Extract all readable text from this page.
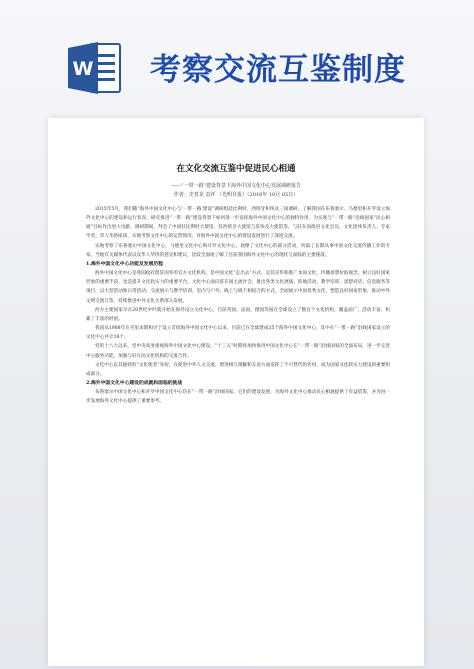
W 考察交流互鉴制度
在文化交流互鉴中促进民心相通
——“一带一路”建设背景下海外中国文化中心发展调研报告
作者：史育龙 袁祥 （光明日报）（2016年 10月 05日）

2015年5月，我们随“海外中国文化中心与‘一带一路’建设”调研组赴比利时、西班牙和埃及三国调研，了解我国在布鲁塞尔、马德里和开罗设立海外文化中心的建设和运行状况，研究推进“一带一路”建设背景下如何进一步发挥海外中国文化中心的独特作用，为实现与“一带一路”沿线国家“民心相通”目标作出更大贡献。调研期间，拜会了中国驻比利时大使馆、驻西班牙大使馆与驻埃及大使馆等，与驻在国政府文化官员、文化团体负责人、专家学者、华人华侨座谈，实地考察文化中心的运营情况，对海外中国文化中心的建设发展进行了深度交流。

实地考察了布鲁塞尔中国文化中心、马德里文化中心和开罗文化中心，观摩了文化中心的部分活动，听取了长期从事中国文化交流传播工作的专家、当地有关媒体代表以及华人华侨的意见和建议，比较全面地了解了目前我国海外文化中心的现状与面临的主要挑战。

1.海外中国文化中心功能及发展历程

海外中国文化中心是我国政府派驻国外的官方文化机构，是中国文化“走出去”方式、是其宣传和推广本国文化、传播思想价值观念、树立良好国家形象的重要手段，也是提升文化软实力的重要平台。文化中心面向驻在国主流社会，推出各类文化展演、阵地活动、教学培训、思想对话、信息服务等项目，以大型活动和日常活动、交流展示与教学培训、室内与户外、线上与线下相结合的方式，全面展示中国优秀文化，塑造良好国家形象，推动中外文明交流互鉴，持续推进中外文化关系深入发展。

西方主要国家早在20世纪中叶就开始在海外设立文化中心，目前英国、法国、德国等国在全球设立了数百个文化机构，覆盖面广、活动丰富，积累了丰富的经验。

我国从1988年在毛里求斯和贝宁设立首批海外中国文化中心以来，目前已在全球建成35个海外中国文化中心，其中在“一带一路”沿线国家设立的文化中心共计18个。

党的十八大以来，党中央高度重视海外中国文化中心建设，“十三五”时期将加快推进中国文化中心在“一带一路”沿线国家的全面布局，进一步完善中心服务功能，加强与驻在国文化机构的交流合作。

文化中心以其独特的“文化使者”身份，在促进中外人文交流、增进相互理解和友谊方面发挥了不可替代的作用，成为国家文化软实力建设的重要组成部分。

2.海外中国文化中心建设的成就和面临的挑战

布鲁塞尔中国文化中心和开罗中国文化中心均在“一带一路”沿线国家，它们的建设发展，为海外文化中心推动民心相通提供了有益借鉴，并为进一步发展海外文化中心提供了重要参考。
